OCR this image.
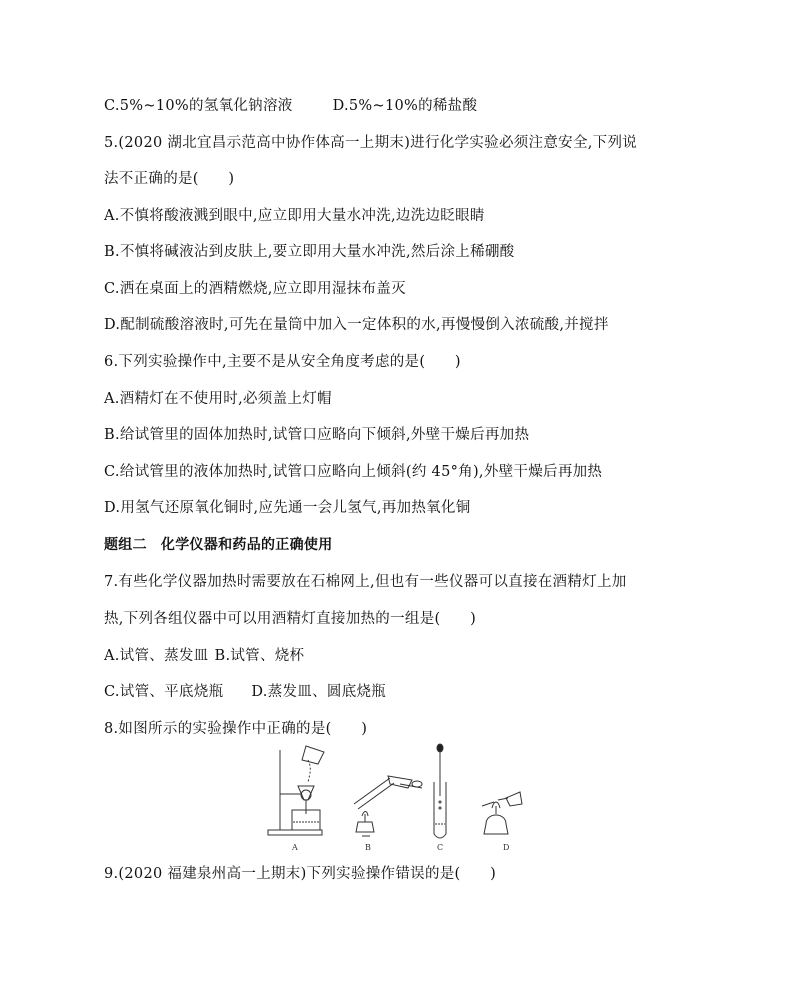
C.5%~10%的氢氧化钠溶液	D.5%~10%的稀盐酸
5.(2020 湖北宜昌示范高中协作体高一上期末)进行化学实验必须注意安全,下列说
法不正确的是(　　)
A.不慎将酸液溅到眼中,应立即用大量水冲洗,边洗边眨眼睛
B.不慎将碱液沾到皮肤上,要立即用大量水冲洗,然后涂上稀硼酸
C.洒在桌面上的酒精燃烧,应立即用湿抹布盖灭
D.配制硫酸溶液时,可先在量筒中加入一定体积的水,再慢慢倒入浓硫酸,并搅拌
6.下列实验操作中,主要不是从安全角度考虑的是(　　)
A.酒精灯在不使用时,必须盖上灯帽
B.给试管里的固体加热时,试管口应略向下倾斜,外壁干燥后再加热
C.给试管里的液体加热时,试管口应略向上倾斜(约 45°角),外壁干燥后再加热
D.用氢气还原氧化铜时,应先通一会儿氢气,再加热氧化铜
题组二 化学仪器和药品的正确使用
7.有些化学仪器加热时需要放在石棉网上,但也有一些仪器可以直接在酒精灯上加
热,下列各组仪器中可以用酒精灯直接加热的一组是(　　)
A.试管、蒸发皿 B.试管、烧杯
C.试管、平底烧瓶 D.蒸发皿、圆底烧瓶
8.如图所示的实验操作中正确的是(　　)
A	B	C	D
9.(2020 福建泉州高一上期末)下列实验操作错误的是(　　)
